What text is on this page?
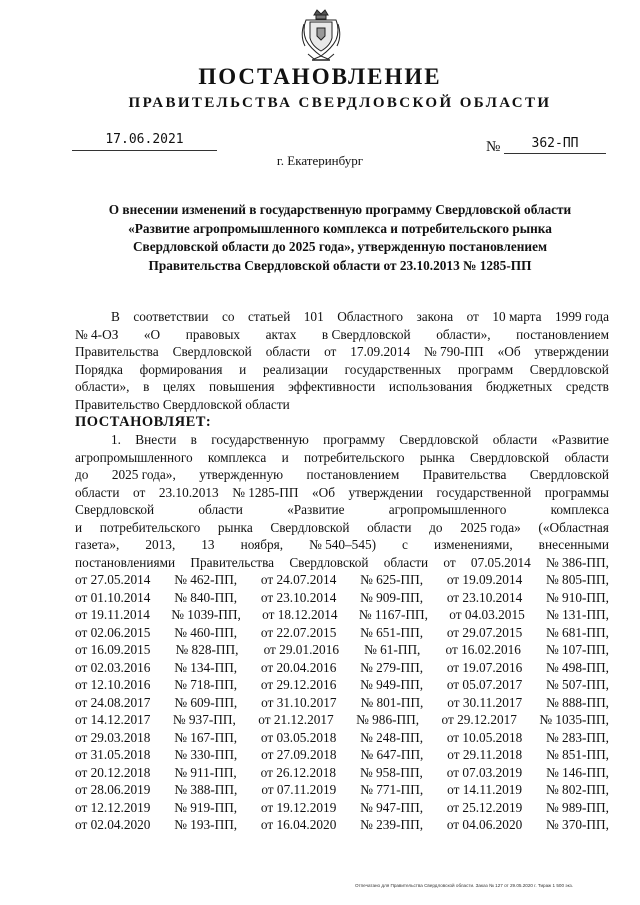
ПОСТАНОВЛЕНИЕ
ПРАВИТЕЛЬСТВА СВЕРДЛОВСКОЙ ОБЛАСТИ
17.06.2021	№	362-ПП
г. Екатеринбург
О внесении изменений в государственную программу Свердловской области
«Развитие агропромышленного комплекса и потребительского рынка
Свердловской области до 2025 года», утвержденную постановлением
Правительства Свердловской области от 23.10.2013 № 1285-ПП
В соответствии со статьей 101 Областного закона от 10 марта 1999 года
№ 4-ОЗ «О правовых актах в Свердловской области», постановлением
Правительства Свердловской области от 17.09.2014 № 790-ПП «Об утверждении
Порядка формирования и реализации государственных программ Свердловской
области», в целях повышения эффективности использования бюджетных средств
Правительство Свердловской области
ПОСТАНОВЛЯЕТ:
1. Внести в государственную программу Свердловской области «Развитие
агропромышленного комплекса и потребительского рынка Свердловской области
до 2025 года», утвержденную постановлением Правительства Свердловской
области от 23.10.2013 № 1285-ПП «Об утверждении государственной программы
Свердловской	области	«Развитие	агропромышленного	комплекса
и потребительского рынка Свердловской области до 2025 года» («Областная
газета», 2013, 13 ноября, № 540–545) с изменениями, внесенными
постановлениями Правительства Свердловской области от 07.05.2014 № 386-ПП,
от 27.05.2014 № 462-ПП, от 24.07.2014 № 625-ПП, от 19.09.2014 № 805-ПП,
от 01.10.2014 № 840-ПП, от 23.10.2014 № 909-ПП, от 23.10.2014 № 910-ПП,
от 19.11.2014 № 1039-ПП, от 18.12.2014 № 1167-ПП, от 04.03.2015 № 131-ПП,
от 02.06.2015 № 460-ПП, от 22.07.2015 № 651-ПП, от 29.07.2015 № 681-ПП,
от 16.09.2015 № 828-ПП, от 29.01.2016 № 61-ПП, от 16.02.2016 № 107-ПП,
от 02.03.2016 № 134-ПП, от 20.04.2016 № 279-ПП, от 19.07.2016 № 498-ПП,
от 12.10.2016 № 718-ПП, от 29.12.2016 № 949-ПП, от 05.07.2017 № 507-ПП,
от 24.08.2017 № 609-ПП, от 31.10.2017 № 801-ПП, от 30.11.2017 № 888-ПП,
от 14.12.2017 № 937-ПП, от 21.12.2017 № 986-ПП, от 29.12.2017 № 1035-ПП,
от 29.03.2018 № 167-ПП, от 03.05.2018 № 248-ПП, от 10.05.2018 № 283-ПП,
от 31.05.2018 № 330-ПП, от 27.09.2018 № 647-ПП, от 29.11.2018 № 851-ПП,
от 20.12.2018 № 911-ПП, от 26.12.2018 № 958-ПП, от 07.03.2019 № 146-ПП,
от 28.06.2019 № 388-ПП, от 07.11.2019 № 771-ПП, от 14.11.2019 № 802-ПП,
от 12.12.2019 № 919-ПП, от 19.12.2019 № 947-ПП, от 25.12.2019 № 989-ПП,
от 02.04.2020 № 193-ПП, от 16.04.2020 № 239-ПП, от 04.06.2020 № 370-ПП,
Отпечатано для Правительства Свердловской области. Заказ № 127 от 29.05.2020 г. Тираж 1 500 экз.
